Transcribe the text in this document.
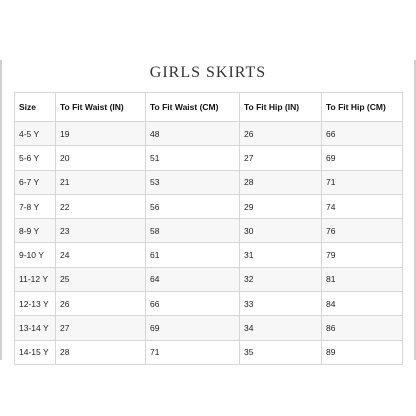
GIRLS SKIRTS
Size	To Fit Waist (IN)	To Fit Waist (CM)	To Fit Hip (IN)	To Fit Hip (CM)
4-5 Y	19	48	26	66
5-6 Y	20	51	27	69
6-7 Y	21	53	28	71
7-8 Y	22	56	29	74
8-9 Y	23	58	30	76
9-10 Y	24	61	31	79
11-12 Y	25	64	32	81
12-13 Y	26	66	33	84
13-14 Y	27	69	34	86
14-15 Y	28	71	35	89
